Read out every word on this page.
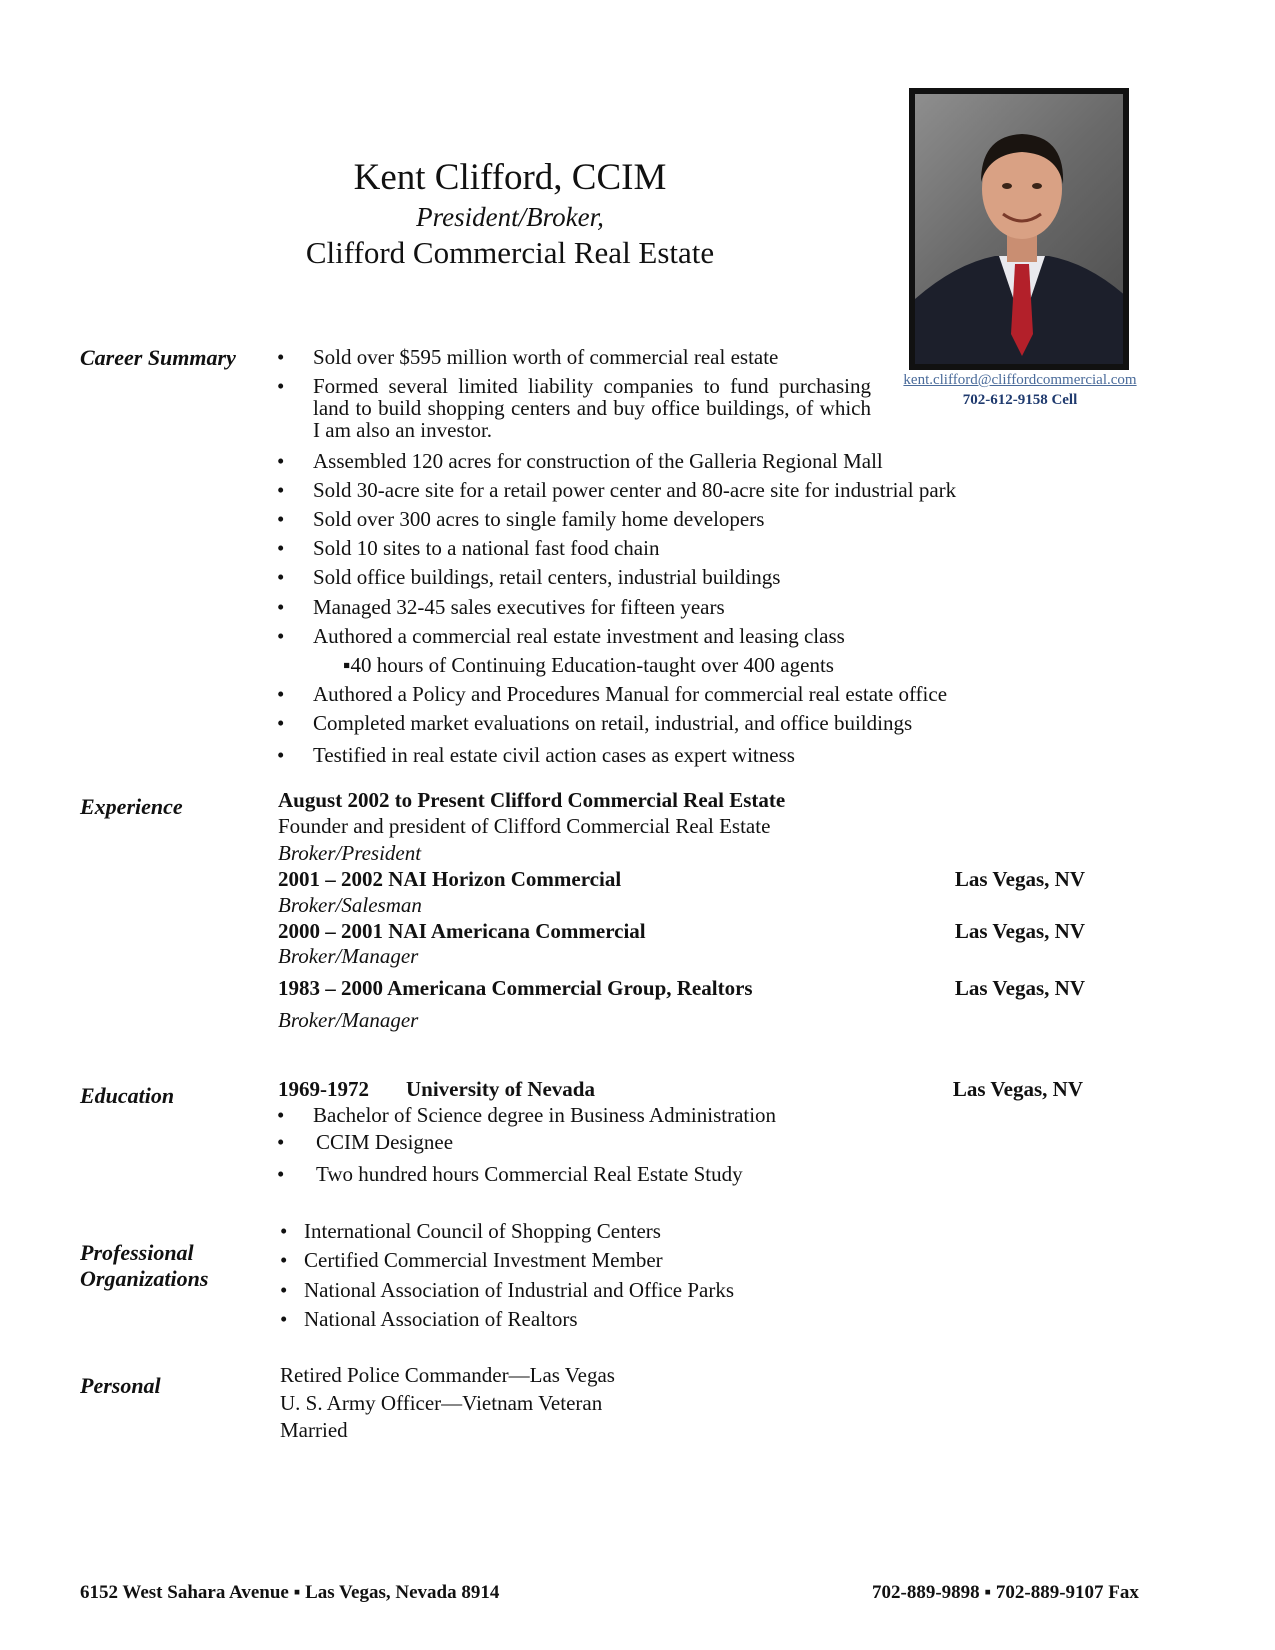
Kent Clifford, CCIM
President/Broker,
Clifford Commercial Real Estate
kent.clifford@cliffordcommercial.com
702-612-9158 Cell
Career Summary • Sold over $595 million worth of commercial real estate
• Formed several limited liability companies to fund purchasing land to build shopping centers and buy office buildings, of which I am also an investor.
• Assembled 120 acres for construction of the Galleria Regional Mall
• Sold 30-acre site for a retail power center and 80-acre site for industrial park
• Sold over 300 acres to single family home developers
• Sold 10 sites to a national fast food chain
• Sold office buildings, retail centers, industrial buildings
• Managed 32-45 sales executives for fifteen years
• Authored a commercial real estate investment and leasing class
▪40 hours of Continuing Education-taught over 400 agents
• Authored a Policy and Procedures Manual for commercial real estate office
• Completed market evaluations on retail, industrial, and office buildings
• Testified in real estate civil action cases as expert witness
Experience	August 2002 to Present Clifford Commercial Real Estate
Founder and president of Clifford Commercial Real Estate
Broker/President
2001 – 2002 NAI Horizon Commercial	Las Vegas, NV
Broker/Salesman
2000 – 2001 NAI Americana Commercial	Las Vegas, NV
Broker/Manager
1983 – 2000 Americana Commercial Group, Realtors	Las Vegas, NV
Broker/Manager
Education	1969-1972 University of Nevada	Las Vegas, NV
• Bachelor of Science degree in Business Administration
• CCIM Designee
• Two hundred hours Commercial Real Estate Study
Professional
Organizations
• International Council of Shopping Centers
• Certified Commercial Investment Member
• National Association of Industrial and Office Parks
• National Association of Realtors
Personal	Retired Police Commander—Las Vegas
U. S. Army Officer—Vietnam Veteran
Married
6152 West Sahara Avenue ▪ Las Vegas, Nevada 8914	702-889-9898 ▪ 702-889-9107 Fax
